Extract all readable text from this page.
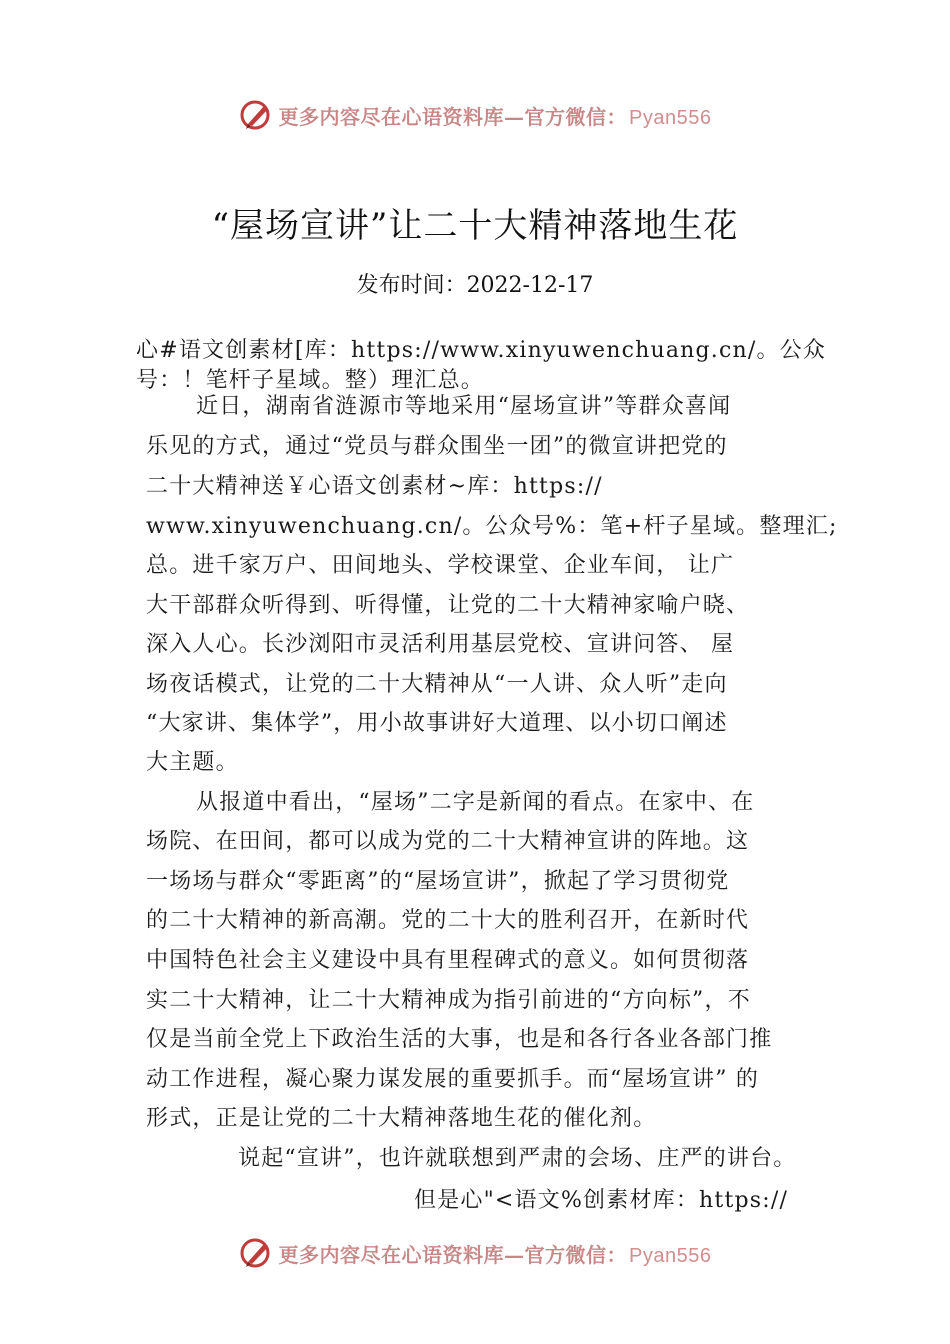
更多内容尽在心语资料库—官方微信： Pyan556
“屋场宣讲”让二十大精神落地生花
发布时间：2022-12-17
心#语文创素材[库：https://www.xinyuwenchuang.cn/。公众
号：！笔杆子星域。整）理汇总。
近日，湖南省涟源市等地采用“屋场宣讲”等群众喜闻
乐见的方式，通过“党员与群众围坐一团”的微宣讲把党的
二十大精神送￥心语文创素材~库：https://
www.xinyuwenchuang.cn/。公众号%：笔+杆子星域。整理汇;
总。进千家万户、田间地头、学校课堂、企业车间， 让广
大干部群众听得到、听得懂，让党的二十大精神家喻户晓、
深入人心。长沙浏阳市灵活利用基层党校、宣讲问答、 屋
场夜话模式，让党的二十大精神从“一人讲、众人听”走向
“大家讲、集体学”，用小故事讲好大道理、以小切口阐述
大主题。
从报道中看出，“屋场”二字是新闻的看点。在家中、在
场院、在田间，都可以成为党的二十大精神宣讲的阵地。这
一场场与群众“零距离”的“屋场宣讲”，掀起了学习贯彻党
的二十大精神的新高潮。党的二十大的胜利召开，在新时代
中国特色社会主义建设中具有里程碑式的意义。如何贯彻落
实二十大精神，让二十大精神成为指引前进的“方向标”，不
仅是当前全党上下政治生活的大事，也是和各行各业各部门推
动工作进程，凝心聚力谋发展的重要抓手。而“屋场宣讲” 的
形式，正是让党的二十大精神落地生花的催化剂。
说起“宣讲”，也许就联想到严肃的会场、庄严的讲台。
但是心"<语文%创素材库：https://
更多内容尽在心语资料库—官方微信： Pyan556
